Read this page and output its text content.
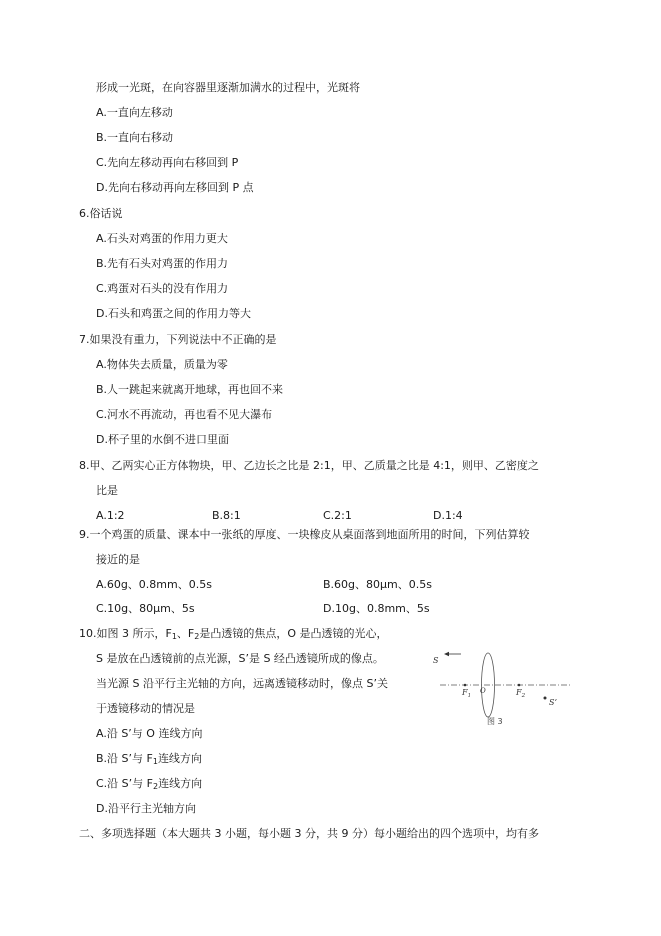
形成一光斑，在向容器里逐渐加满水的过程中，光斑将
A.一直向左移动
B.一直向右移动
C.先向左移动再向右移回到 P
D.先向右移动再向左移回到 P 点
6.俗话说
A.石头对鸡蛋的作用力更大
B.先有石头对鸡蛋的作用力
C.鸡蛋对石头的没有作用力
D.石头和鸡蛋之间的作用力等大
7.如果没有重力，下列说法中不正确的是
A.物体失去质量，质量为零
B.人一跳起来就离开地球，再也回不来
C.河水不再流动，再也看不见大瀑布
D.杯子里的水倒不进口里面
8.甲、乙两实心正方体物块，甲、乙边长之比是 2:1，甲、乙质量之比是 4:1，则甲、乙密度之
比是
A.1:2	B.8:1	C.2:1	D.1:4
9.一个鸡蛋的质量、课本中一张纸的厚度、一块橡皮从桌面落到地面所用的时间，下列估算较
接近的是
A.60g、0.8mm、0.5s	B.60g、80μm、0.5s
C.10g、80μm、5s	D.10g、0.8mm、5s
10.如图 3 所示，$F_1$、$F_2$是凸透镜的焦点，O 是凸透镜的光心，
S 是放在凸透镜前的点光源，S’是 S 经凸透镜所成的像点。
当光源 S 沿平行主光轴的方向，远离透镜移动时，像点 S’关
于透镜移动的情况是
A.沿 S’与 O 连线方向
B.沿 S’与 $F_1$连线方向
C.沿 S’与 $F_2$连线方向
D.沿平行主光轴方向
S
$F_1$
O	$F_2$
S’
图 3
二、多项选择题（本大题共 3 小题，每小题 3 分，共 9 分）每小题给出的四个选项中，均有多
